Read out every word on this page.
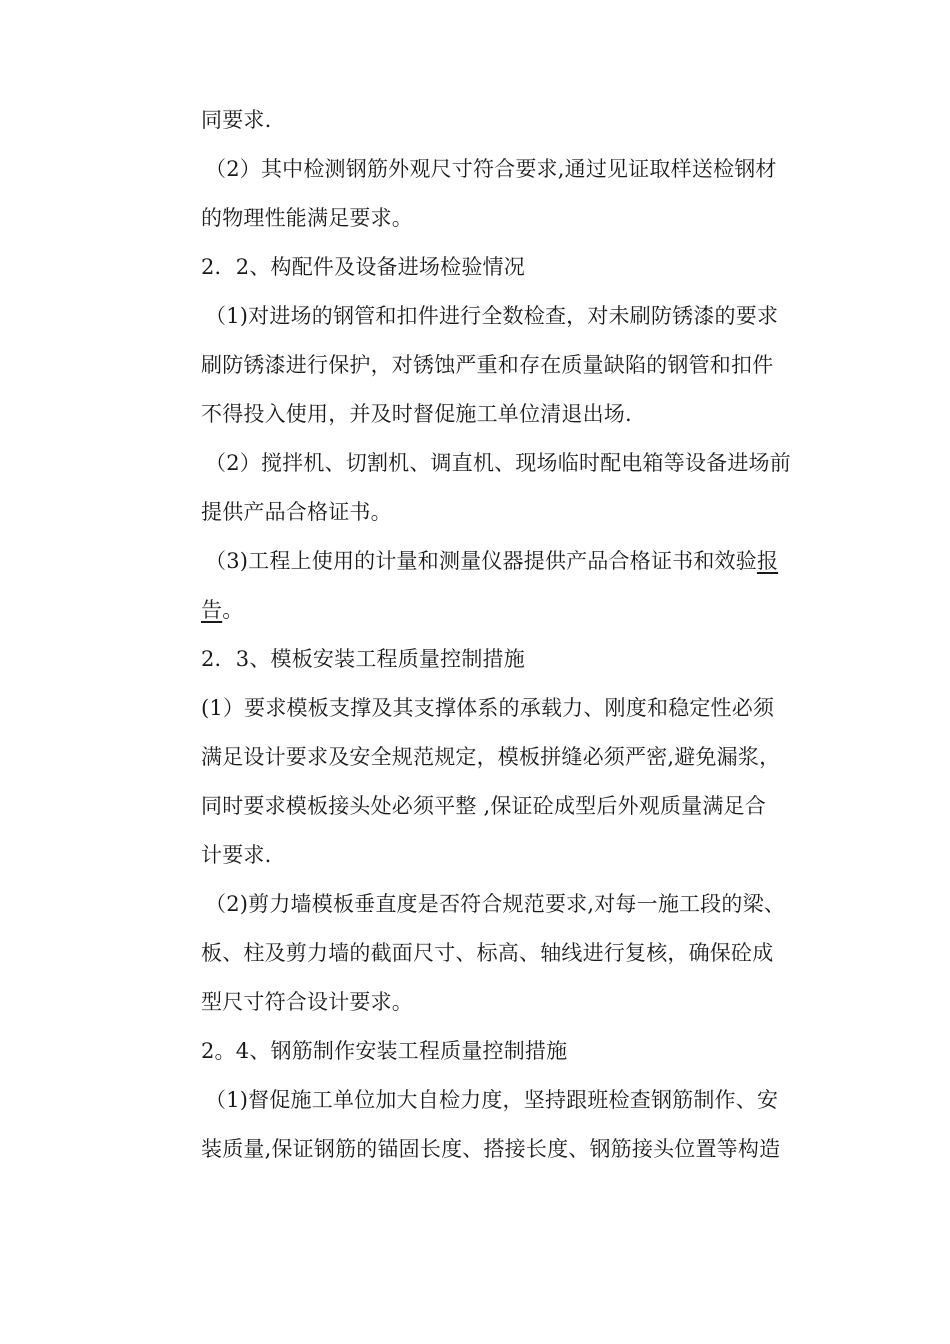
同要求.
（2）其中检测钢筋外观尺寸符合要求,通过见证取样送检钢材
的物理性能满足要求。
2．2、构配件及设备进场检验情况
（1)对进场的钢管和扣件进行全数检查，对未刷防锈漆的要求
刷防锈漆进行保护，对锈蚀严重和存在质量缺陷的钢管和扣件
不得投入使用，并及时督促施工单位清退出场.
（2）搅拌机、切割机、调直机、现场临时配电箱等设备进场前
提供产品合格证书。
（3)工程上使用的计量和测量仪器提供产品合格证书和效验报
告。
2．3、模板安装工程质量控制措施
(1）要求模板支撑及其支撑体系的承载力、刚度和稳定性必须
满足设计要求及安全规范规定，模板拼缝必须严密,避免漏浆，
同时要求模板接头处必须平整 ,保证砼成型后外观质量满足合
计要求.
（2)剪力墙模板垂直度是否符合规范要求,对每一施工段的梁、
板、柱及剪力墙的截面尺寸、标高、轴线进行复核，确保砼成
型尺寸符合设计要求。
2。4、钢筋制作安装工程质量控制措施
（1)督促施工单位加大自检力度，坚持跟班检查钢筋制作、安
装质量,保证钢筋的锚固长度、搭接长度、钢筋接头位置等构造
